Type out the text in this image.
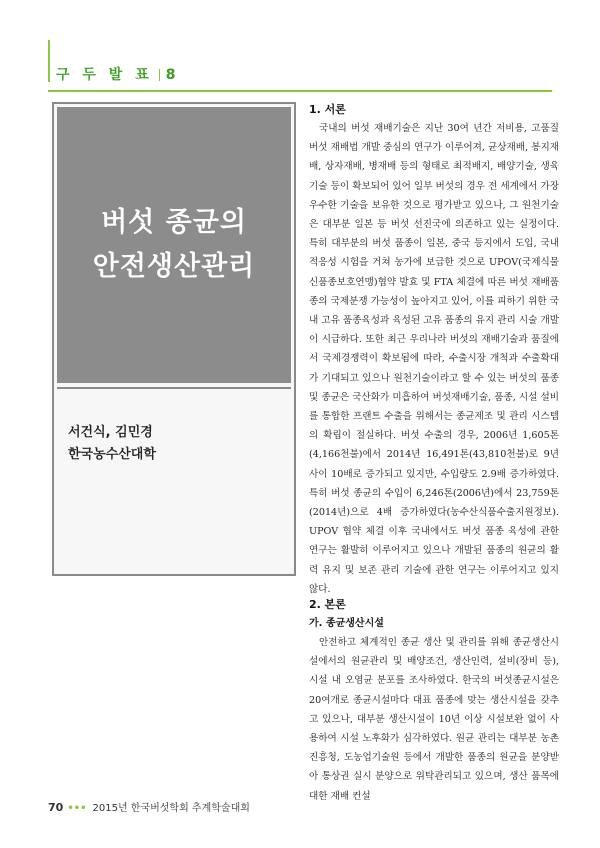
구 두 발 표 8
버섯 종균의
안전생산관리
서건식, 김민경
한국농수산대학
1. 서론

국내의 버섯 재배기술은 지난 30여 년간 저비용, 고품질 버섯 재배법 개발 중심의 연구가 이루어져, 균상재배, 봉지재배, 상자재배, 병재배 등의 형태로 최적배지, 배양기술, 생육기술 등이 확보되어 있어 일부 버섯의 경우 전 세계에서 가장 우수한 기술을 보유한 것으로 평가받고 있으나, 그 원천기술은 대부분 일본 등 버섯 선진국에 의존하고 있는 실정이다. 특히 대부분의 버섯 품종이 일본, 중국 등지에서 도입, 국내 적응성 시험을 거쳐 농가에 보급한 것으로 UPOV(국제식물신품종보호연맹)협약 발효 및 FTA 체결에 따른 버섯 재배품종의 국제분쟁 가능성이 높아지고 있어, 이를 피하기 위한 국내 고유 품종육성과 육성된 고유 품종의 유지 관리 시술 개발이 시급하다. 또한 최근 우리나라 버섯의 재배기술과 품질에서 국제경쟁력이 확보됨에 따라, 수출시장 개척과 수출확대가 기대되고 있으나 원천기술이라고 할 수 있는 버섯의 품종 및 종균은 국산화가 미흡하여 버섯재배기술, 품종, 시설 설비를 통합한 프랜트 수출을 위해서는 종균제조 및 관리 시스템의 확립이 절실하다. 버섯 수출의 경우, 2006년 1,605톤(4,166천불)에서 2014년 16,491톤(43,810천불)로 9년 사이 10배로 증가되고 있지만, 수입량도 2.9배 증가하였다. 특히 버섯 종균의 수입이 6,246톤(2006년)에서 23,759톤(2014년)으로 4배 증가하였다(농수산식품수출지원정보). UPOV 협약 체결 이후 국내에서도 버섯 품종 육성에 관한 연구는 활발히 이루어지고 있으나 개발된 품종의 원균의 활력 유지 및 보존 관리 기술에 관한 연구는 이루어지고 있지 않다.

2. 본론
가. 종균생산시설

안전하고 체계적인 종균 생산 및 관리를 위해 종균생산시설에서의 원균관리 및 배양조건, 생산인력, 설비(장비 등), 시설 내 오염균 분포를 조사하였다. 한국의 버섯종균시설은 20여개로 종균시설마다 대표 품종에 맞는 생산시설을 갖추고 있으나, 대부분 생산시설이 10년 이상 시설보완 없이 사용하여 시설 노후화가 심각하였다. 원균 관리는 대부분 농촌진흥청, 도농업기술원 등에서 개발한 품종의 원균을 분양받아 통상권 실시 분양으로 위탁관리되고 있으며, 생산 품목에 대한 재배 컨설

70 ••• 2015년 한국버섯학회 추계학술대회
